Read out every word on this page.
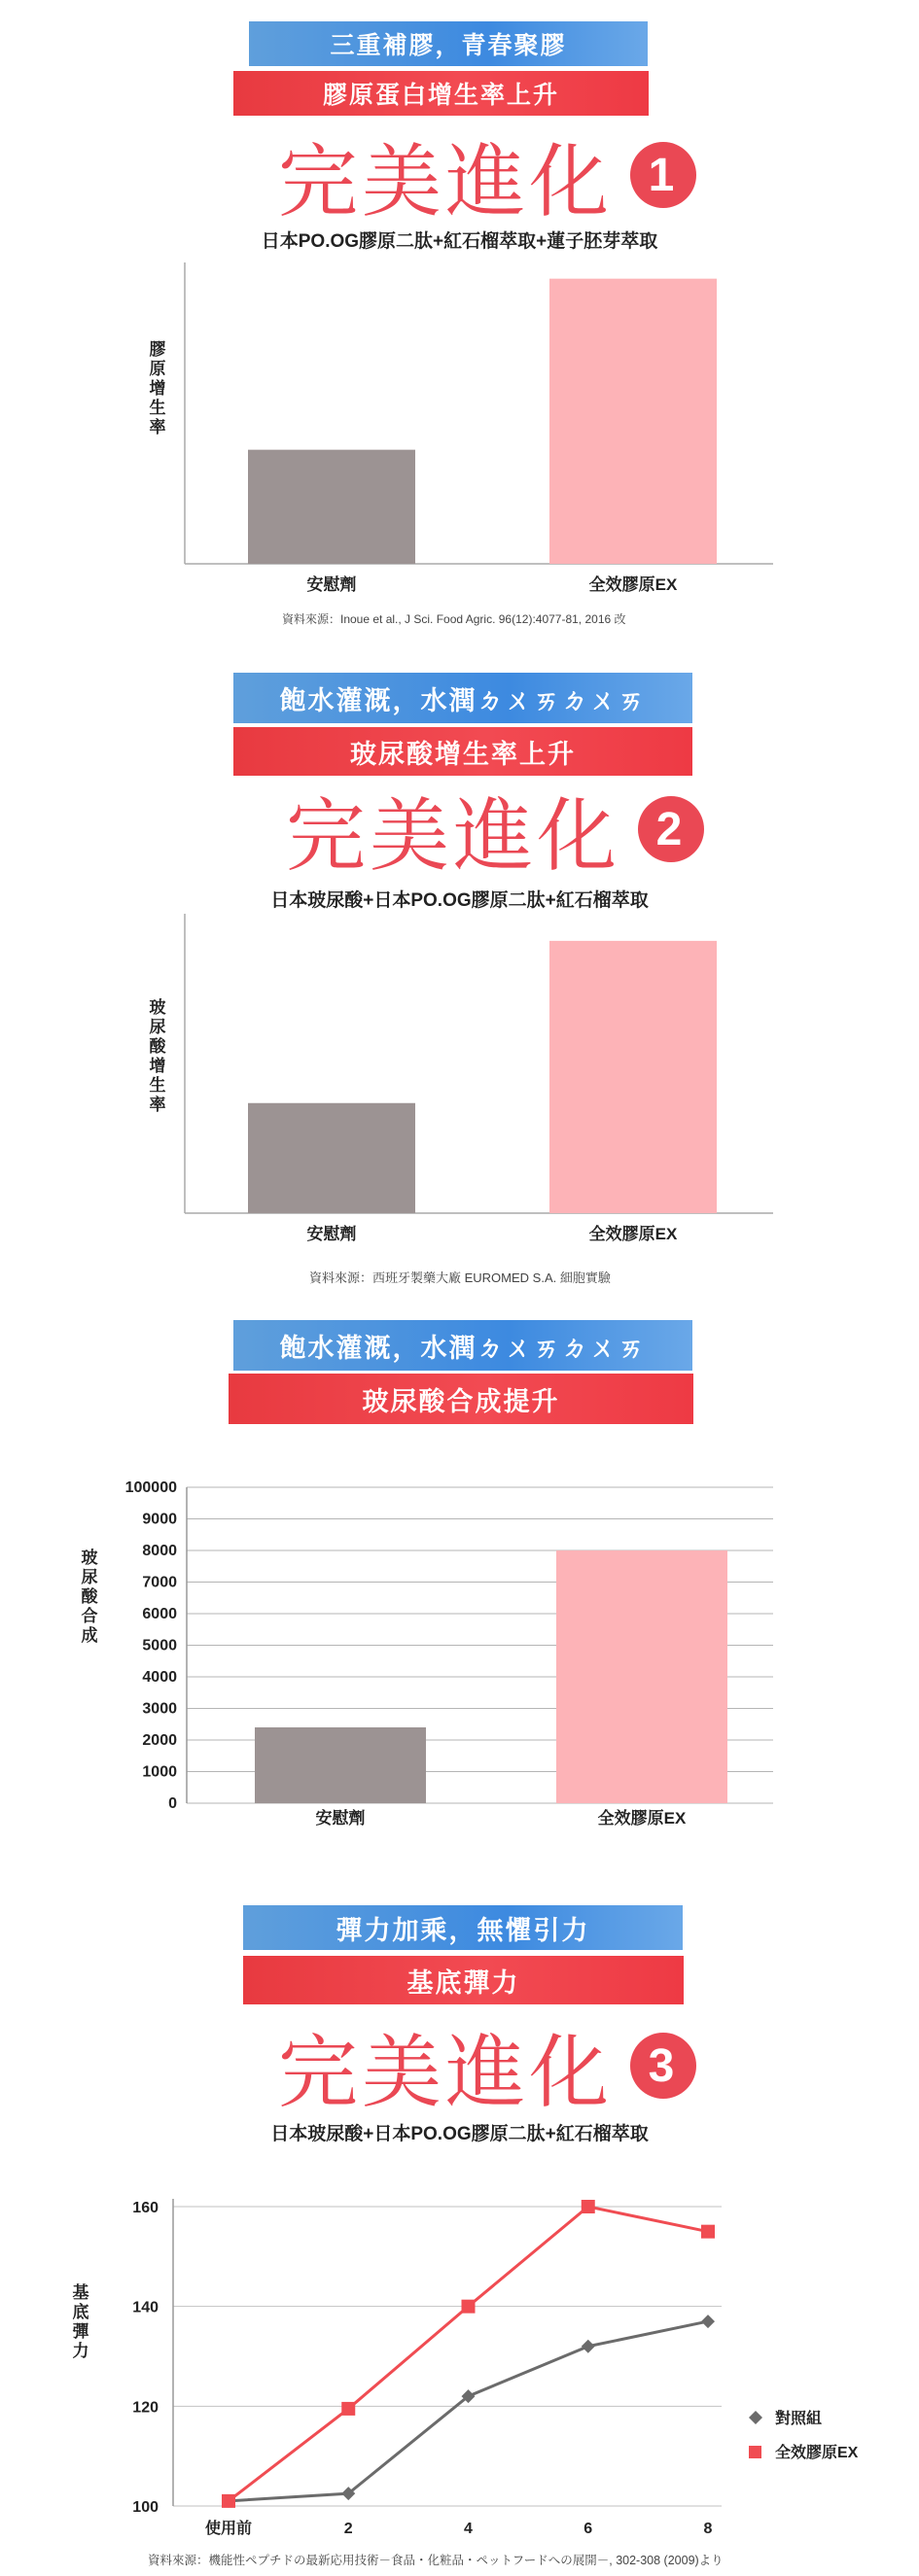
三重補膠，青春聚膠
膠原蛋白增生率上升
完美進化 1
日本PO.OG膠原二肽+紅石榴萃取+蓮子胚芽萃取
膠原增生率
安慰劑	全效膠原EX
資料來源：Inoue et al., J Sci. Food Agric. 96(12):4077-81, 2016 改
飽水灌溉，水潤ㄉㄨㄞㄉㄨㄞ
玻尿酸增生率上升
完美進化 2
日本玻尿酸+日本PO.OG膠原二肽+紅石榴萃取
玻尿酸增生率
安慰劑	全效膠原EX
資料來源：西班牙製藥大廠 EUROMED S.A. 細胞實驗
飽水灌溉，水潤ㄉㄨㄞㄉㄨㄞ
玻尿酸合成提升
0
1000
2000
3000
4000
5000
6000
7000
8000
9000
100000
玻尿酸合成
安慰劑	全效膠原EX
彈力加乘，無懼引力
基底彈力
完美進化 3
日本玻尿酸+日本PO.OG膠原二肽+紅石榴萃取
100
120
140
160
使用前	2	4	6	8
基底彈力
對照組
全效膠原EX
資料來源：機能性ペプチドの最新応用技術－食品・化粧品・ペットフードへの展開－, 302-308 (2009)より
